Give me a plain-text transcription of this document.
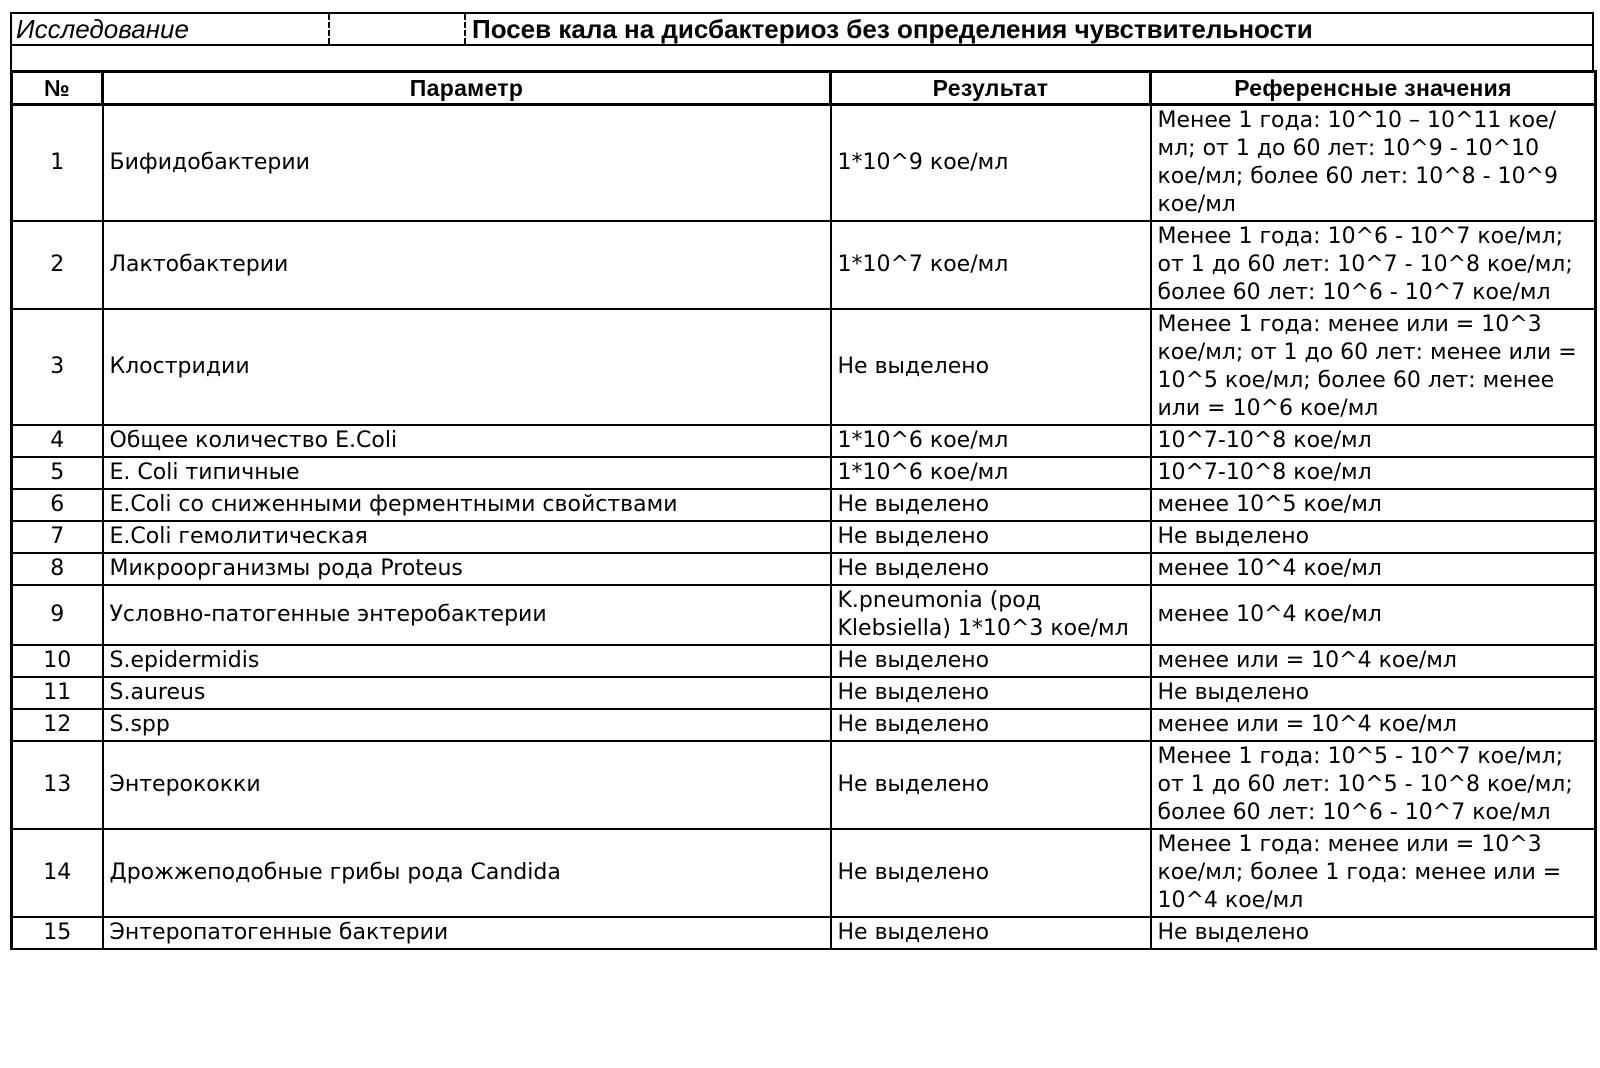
Исследование	Посев кала на дисбактериоз без определения чувствительности
№	Параметр	Результат	Референсные значения
1	Бифидобактерии	1*10^9 кое/мл	Менее 1 года: 10^10 – 10^11 кое/мл; от 1 до 60 лет: 10^9 - 10^10 кое/мл; более 60 лет: 10^8 - 10^9 кое/мл
2	Лактобактерии	1*10^7 кое/мл	Менее 1 года: 10^6 - 10^7 кое/мл; от 1 до 60 лет: 10^7 - 10^8 кое/мл; более 60 лет: 10^6 - 10^7 кое/мл
3	Клостридии	Не выделено	Менее 1 года: менее или = 10^3 кое/мл; от 1 до 60 лет: менее или = 10^5 кое/мл; более 60 лет: менее или = 10^6 кое/мл
4	Общее количество E.Coli	1*10^6 кое/мл	10^7-10^8 кое/мл
5	E. Coli типичные	1*10^6 кое/мл	10^7-10^8 кое/мл
6	E.Coli со сниженными ферментными свойствами	Не выделено	менее 10^5 кое/мл
7	E.Coli гемолитическая	Не выделено	Не выделено
8	Микроорганизмы рода Proteus	Не выделено	менее 10^4 кое/мл
9	Условно-патогенные энтеробактерии	K.pneumonia (род Klebsiella) 1*10^3 кое/мл	менее 10^4 кое/мл
10	S.epidermidis	Не выделено	менее или = 10^4 кое/мл
11	S.aureus	Не выделено	Не выделено
12	S.spp	Не выделено	менее или = 10^4 кое/мл
13	Энтерококки	Не выделено	Менее 1 года: 10^5 - 10^7 кое/мл; от 1 до 60 лет: 10^5 - 10^8 кое/мл; более 60 лет: 10^6 - 10^7 кое/мл
14	Дрожжеподобные грибы рода Candida	Не выделено	Менее 1 года: менее или = 10^3 кое/мл; более 1 года: менее или = 10^4 кое/мл
15	Энтеропатогенные бактерии	Не выделено	Не выделено
